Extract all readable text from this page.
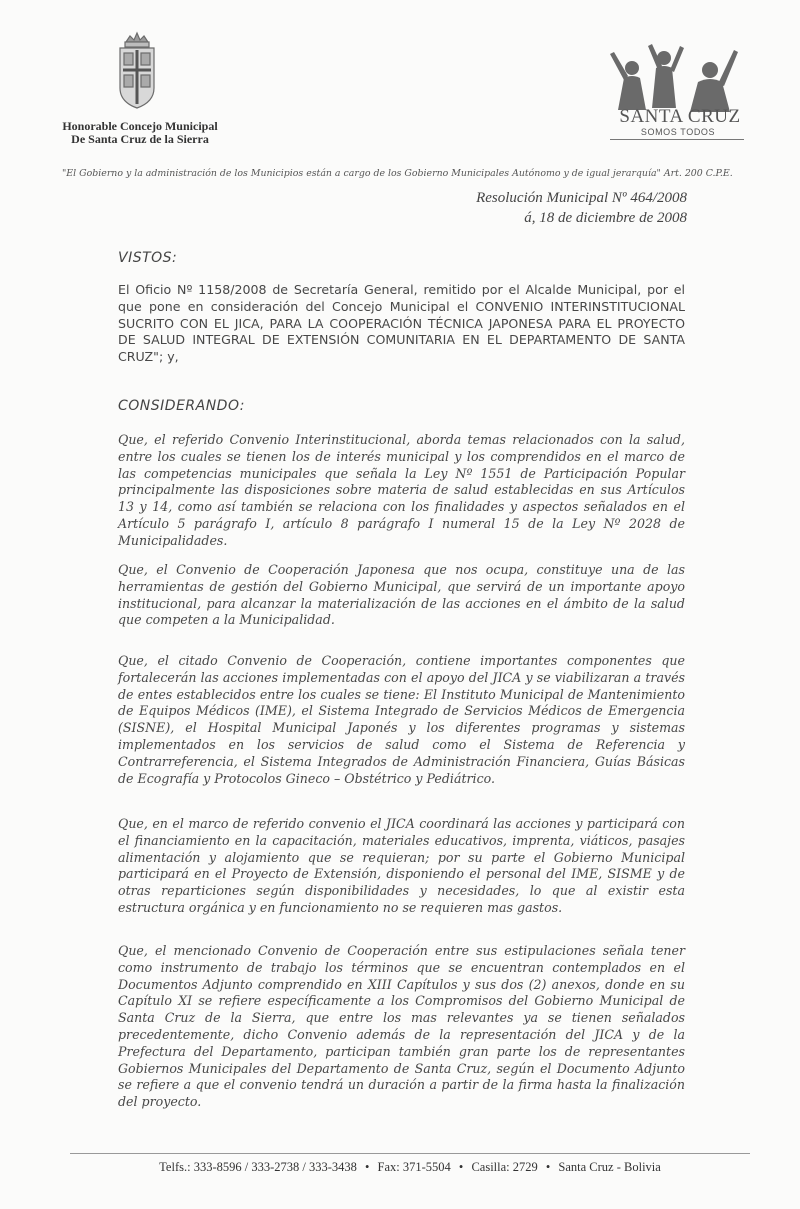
Honorable Concejo Municipal
De Santa Cruz de la Sierra
SANTA CRUZ
SOMOS TODOS
"El Gobierno y la administración de los Municipios están a cargo de los Gobierno Municipales Autónomo y de igual jerarquía" Art. 200 C.P.E.
Resolución Municipal Nº 464/2008
á, 18 de diciembre de 2008
VISTOS:
El Oficio Nº 1158/2008 de Secretaría General, remitido por el Alcalde Municipal, por el que pone en consideración del Concejo Municipal el CONVENIO INTERINSTITUCIONAL SUCRITO CON EL JICA, PARA LA COOPERACIÓN TÉCNICA JAPONESA PARA EL PROYECTO DE SALUD INTEGRAL DE EXTENSIÓN COMUNITARIA EN EL DEPARTAMENTO DE SANTA CRUZ"; y,
CONSIDERANDO:
Que, el referido Convenio Interinstitucional, aborda temas relacionados con la salud, entre los cuales se tienen los de interés municipal y los comprendidos en el marco de las competencias municipales que señala la Ley Nº 1551 de Participación Popular principalmente las disposiciones sobre materia de salud establecidas en sus Artículos 13 y 14, como así también se relaciona con los finalidades y aspectos señalados en el Artículo 5 parágrafo I, artículo 8 parágrafo I numeral 15 de la Ley Nº 2028 de Municipalidades.
Que, el Convenio de Cooperación Japonesa que nos ocupa, constituye una de las herramientas de gestión del Gobierno Municipal, que servirá de un importante apoyo institucional, para alcanzar la materialización de las acciones en el ámbito de la salud que competen a la Municipalidad.
Que, el citado Convenio de Cooperación, contiene importantes componentes que fortalecerán las acciones implementadas con el apoyo del JICA y se viabilizaran a través de entes establecidos entre los cuales se tiene: El Instituto Municipal de Mantenimiento de Equipos Médicos (IME), el Sistema Integrado de Servicios Médicos de Emergencia (SISNE), el Hospital Municipal Japonés y los diferentes programas y sistemas implementados en los servicios de salud como el Sistema de Referencia y Contrarreferencia, el Sistema Integrados de Administración Financiera, Guías Básicas de Ecografía y Protocolos Gineco – Obstétrico y Pediátrico.
Que, en el marco de referido convenio el JICA coordinará las acciones y participará con el financiamiento en la capacitación, materiales educativos, imprenta, viáticos, pasajes alimentación y alojamiento que se requieran; por su parte el Gobierno Municipal participará en el Proyecto de Extensión, disponiendo el personal del IME, SISME y de otras reparticiones según disponibilidades y necesidades, lo que al existir esta estructura orgánica y en funcionamiento no se requieren mas gastos.
Que, el mencionado Convenio de Cooperación entre sus estipulaciones señala tener como instrumento de trabajo los términos que se encuentran contemplados en el Documentos Adjunto comprendido en XIII Capítulos y sus dos (2) anexos, donde en su Capítulo XI se refiere específicamente a los Compromisos del Gobierno Municipal de Santa Cruz de la Sierra, que entre los mas relevantes ya se tienen señalados precedentemente, dicho Convenio además de la representación del JICA y de la Prefectura del Departamento, participan también gran parte los de representantes Gobiernos Municipales del Departamento de Santa Cruz, según el Documento Adjunto se refiere a que el convenio tendrá un duración a partir de la firma hasta la finalización del proyecto.
Telfs.: 333-8596 / 333-2738 / 333-3438 • Fax: 371-5504 • Casilla: 2729 • Santa Cruz - Bolivia
